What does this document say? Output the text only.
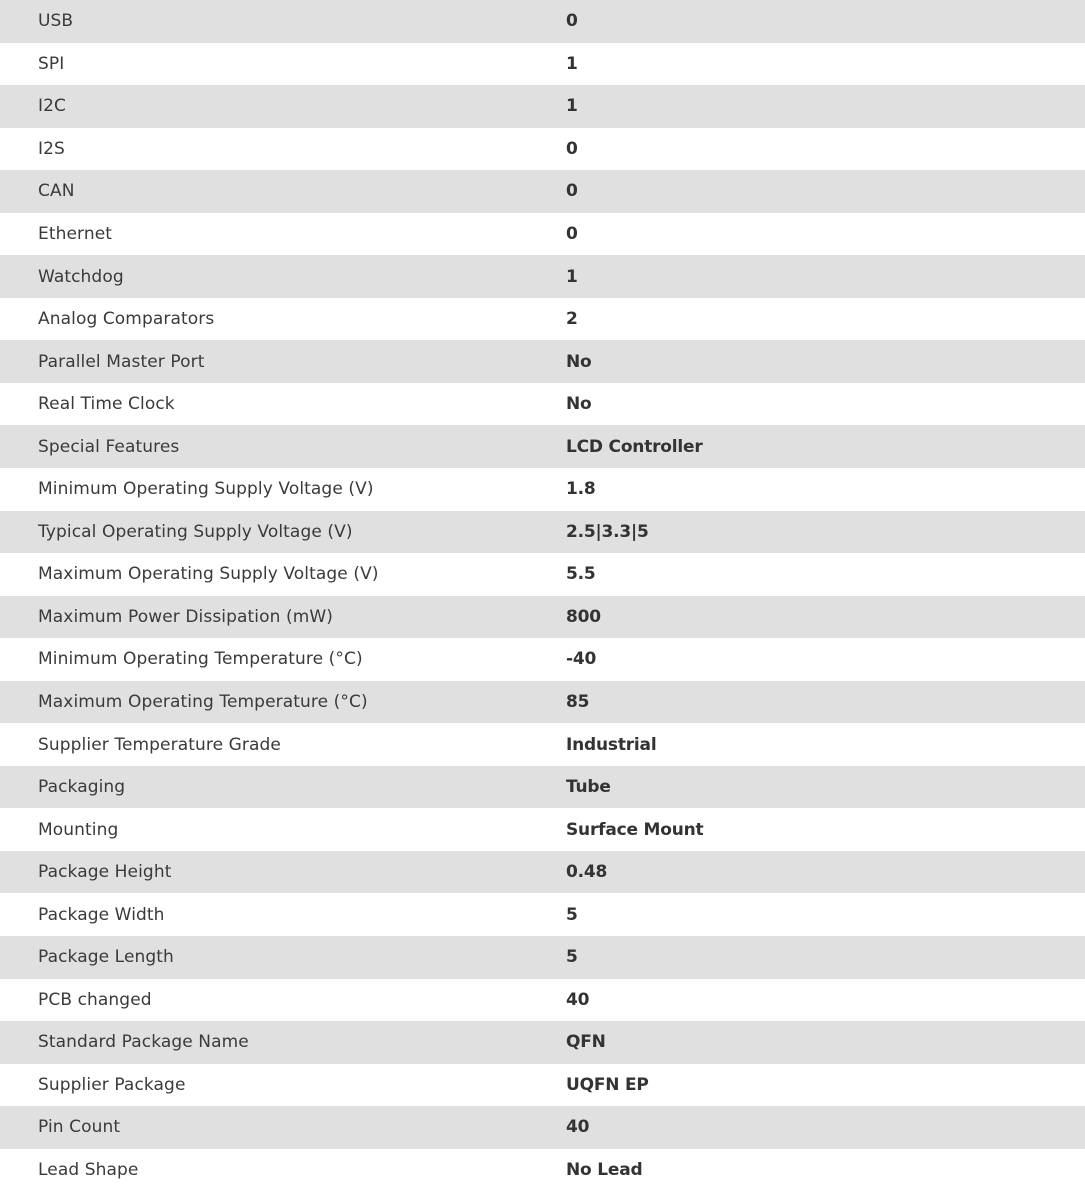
USB	0
SPI	1
I2C	1
I2S	0
CAN	0
Ethernet	0
Watchdog	1
Analog Comparators	2
Parallel Master Port	No
Real Time Clock	No
Special Features	LCD Controller
Minimum Operating Supply Voltage (V)	1.8
Typical Operating Supply Voltage (V)	2.5|3.3|5
Maximum Operating Supply Voltage (V)	5.5
Maximum Power Dissipation (mW)	800
Minimum Operating Temperature (°C)	-40
Maximum Operating Temperature (°C)	85
Supplier Temperature Grade	Industrial
Packaging	Tube
Mounting	Surface Mount
Package Height	0.48
Package Width	5
Package Length	5
PCB changed	40
Standard Package Name	QFN
Supplier Package	UQFN EP
Pin Count	40
Lead Shape	No Lead
